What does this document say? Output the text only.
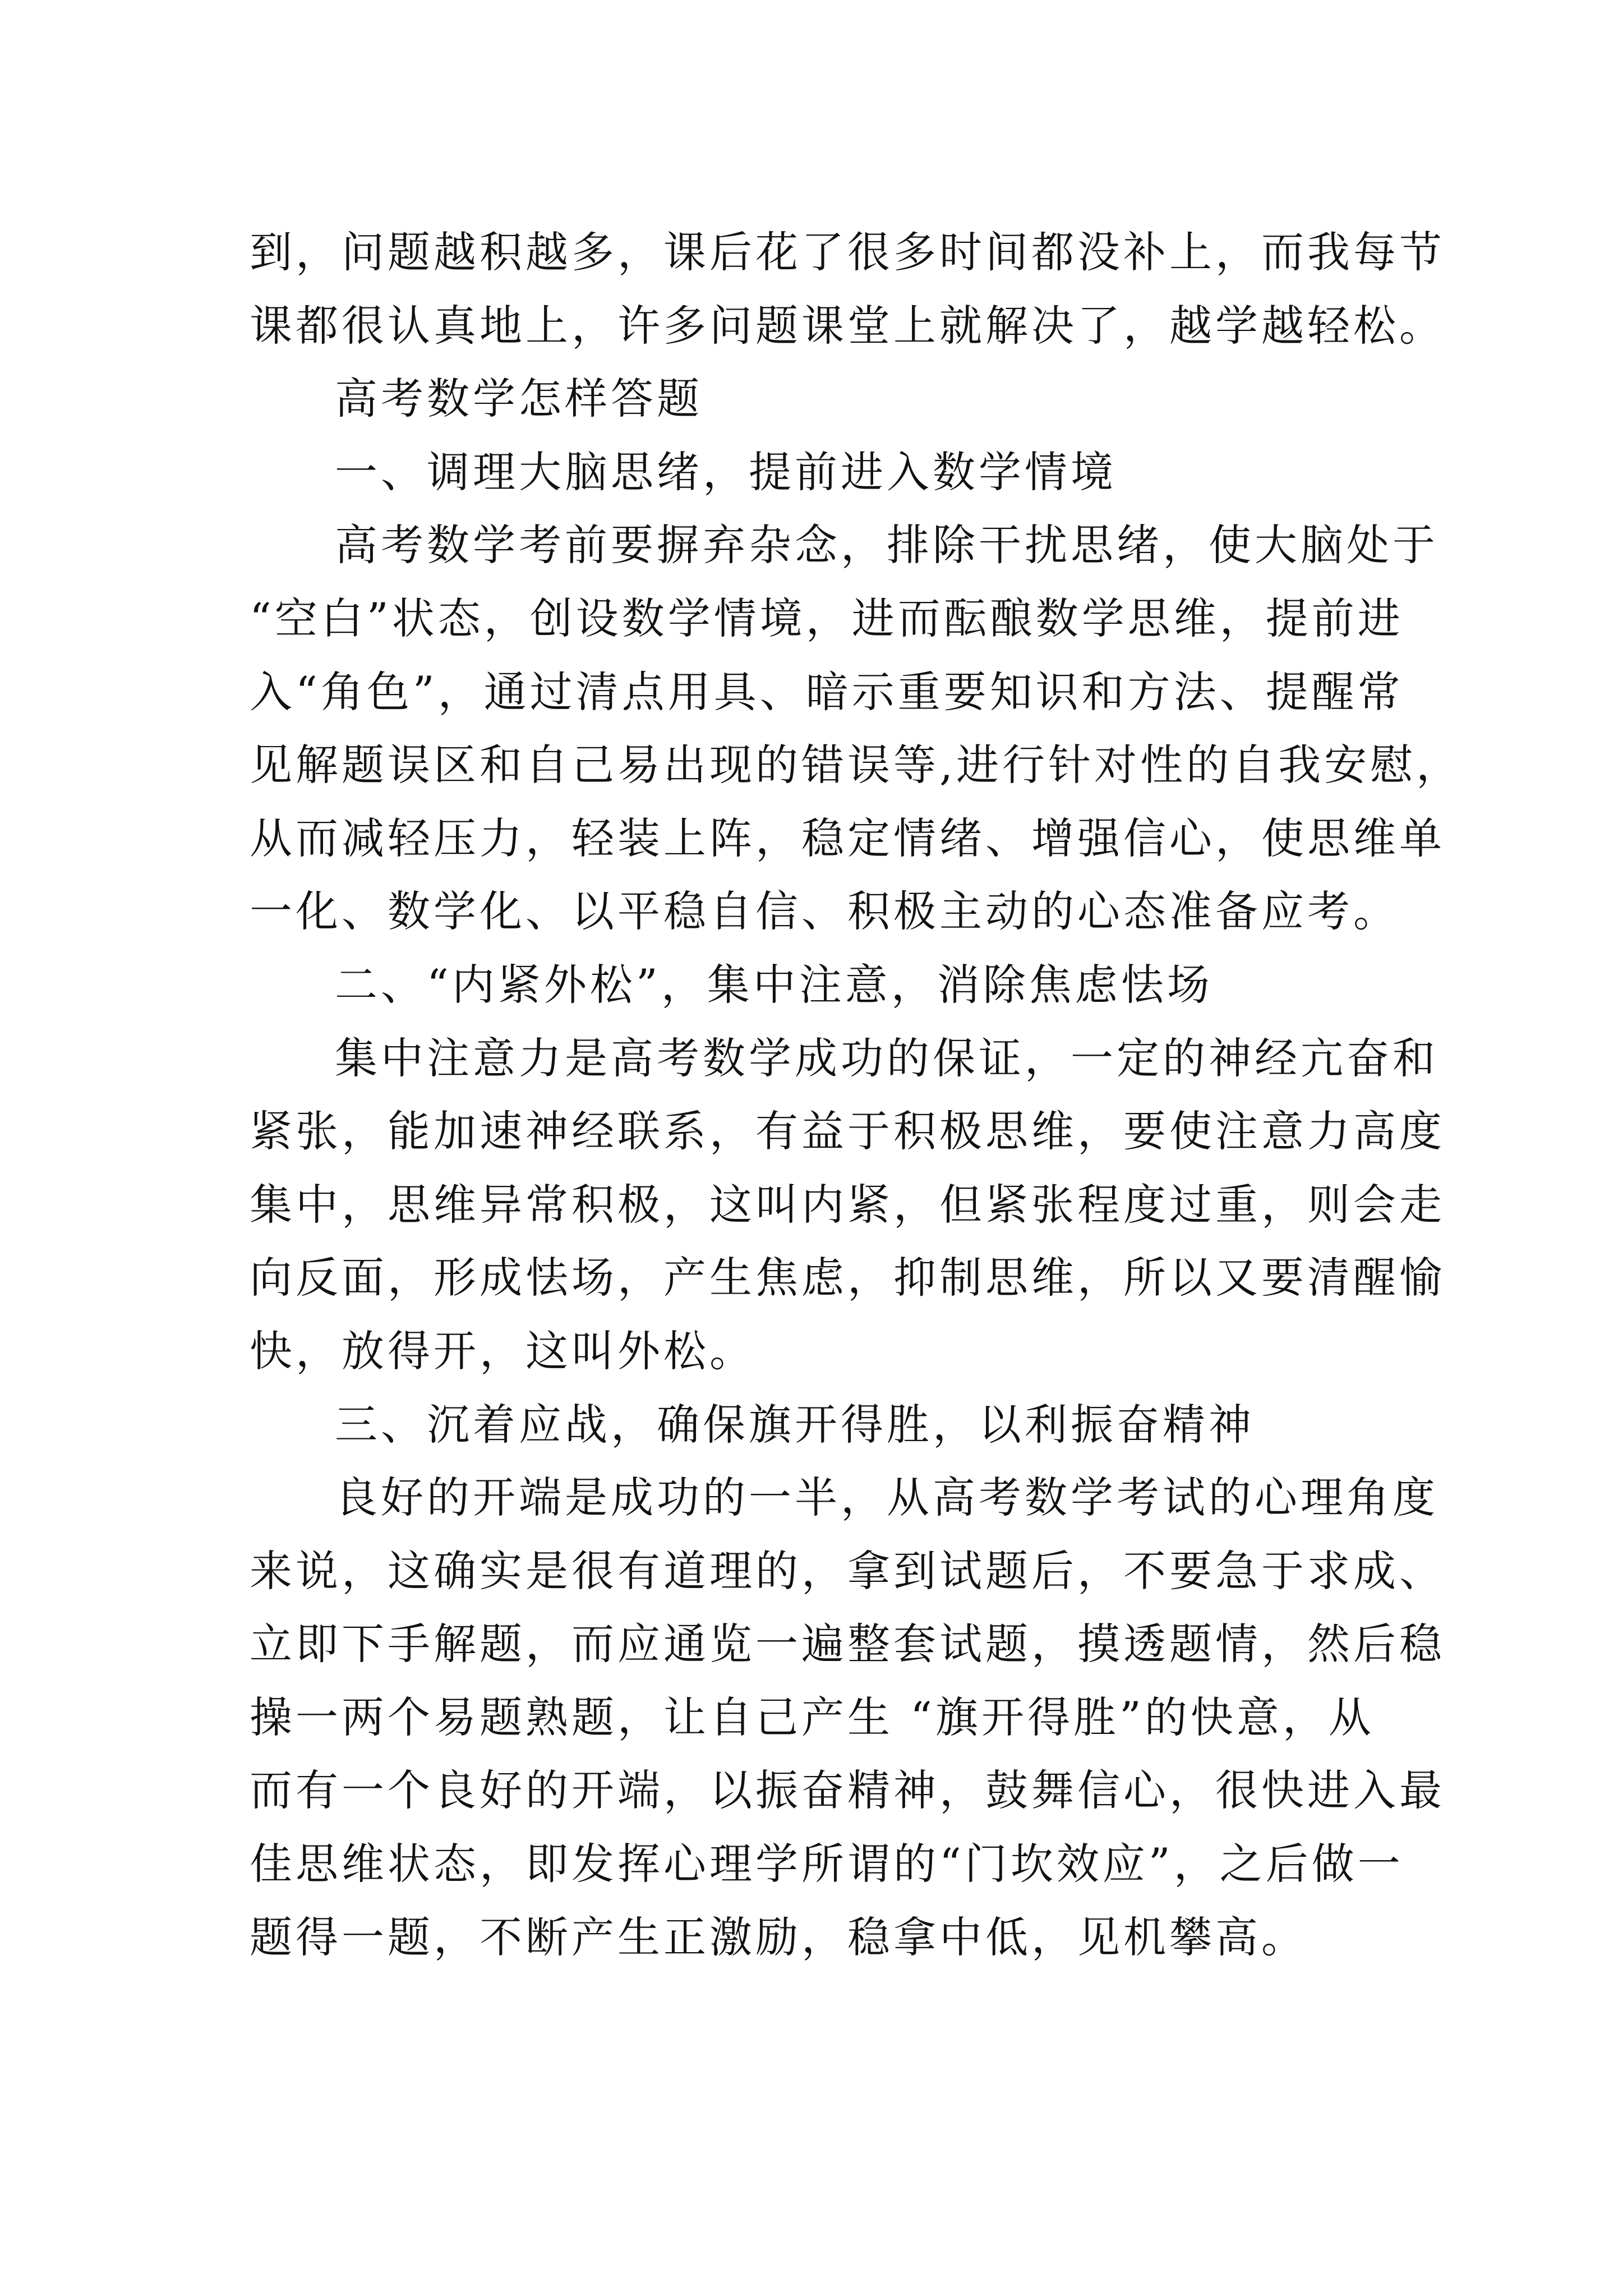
到，问题越积越多，课后花了很多时间都没补上，而我每节
课都很认真地上，许多问题课堂上就解决了，越学越轻松。
高考数学怎样答题
一、调理大脑思绪，提前进入数学情境
高考数学考前要摒弃杂念，排除干扰思绪，使大脑处于
“空白”状态，创设数学情境，进而酝酿数学思维，提前进
入“角色”，通过清点用具、暗示重要知识和方法、提醒常
见解题误区和自己易出现的错误等,进行针对性的自我安慰，
从而减轻压力，轻装上阵，稳定情绪、增强信心，使思维单
一化、数学化、以平稳自信、积极主动的心态准备应考。
二、“内紧外松”，集中注意，消除焦虑怯场
集中注意力是高考数学成功的保证，一定的神经亢奋和
紧张，能加速神经联系，有益于积极思维，要使注意力高度
集中，思维异常积极，这叫内紧，但紧张程度过重，则会走
向反面，形成怯场，产生焦虑，抑制思维，所以又要清醒愉
快，放得开，这叫外松。
三、沉着应战，确保旗开得胜，以利振奋精神
良好的开端是成功的一半，从高考数学考试的心理角度
来说，这确实是很有道理的，拿到试题后，不要急于求成、
立即下手解题，而应通览一遍整套试题，摸透题情，然后稳
操一两个易题熟题，让自己产生 “旗开得胜”的快意，从
而有一个良好的开端，以振奋精神，鼓舞信心，很快进入最
佳思维状态，即发挥心理学所谓的“门坎效应”，之后做一
题得一题，不断产生正激励，稳拿中低，见机攀高。
